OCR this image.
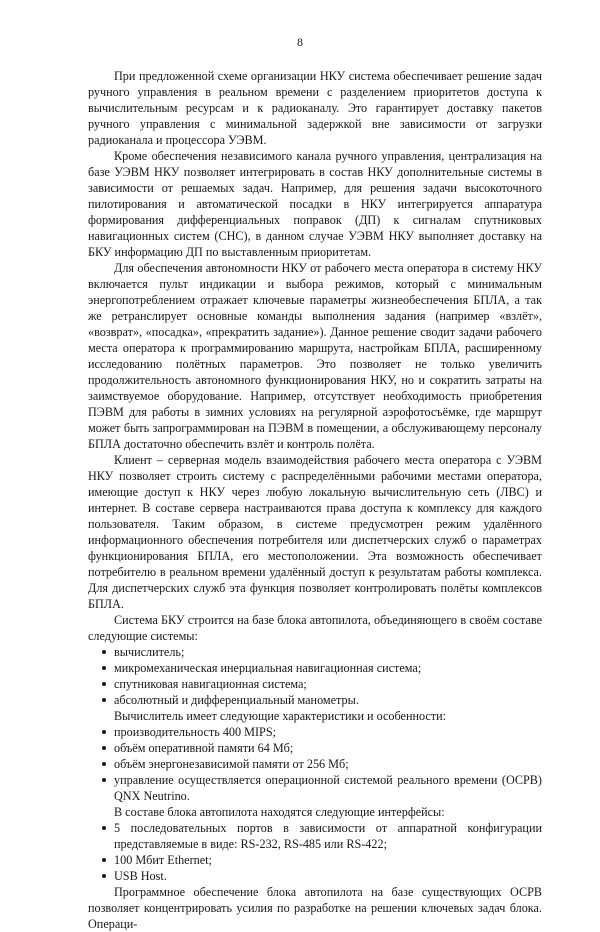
8

При предложенной схеме организации НКУ система обеспечивает решение задач ручного управления в реальном времени с разделением приоритетов доступа к вычислительным ресурсам и к радиоканалу. Это гарантирует доставку пакетов ручного управления с минимальной задержкой вне зависимости от загрузки радиоканала и процессора УЭВМ.

Кроме обеспечения независимого канала ручного управления, централизация на базе УЭВМ НКУ позволяет интегрировать в состав НКУ дополнительные системы в зависимости от решаемых задач. Например, для решения задачи высокоточного пилотирования и автоматической посадки в НКУ интегрируется аппаратура формирования дифференциальных поправок (ДП) к сигналам спутниковых навигационных систем (СНС), в данном случае УЭВМ НКУ выполняет доставку на БКУ информацию ДП по выставленным приоритетам.

Для обеспечения автономности НКУ от рабочего места оператора в систему НКУ включается пульт индикации и выбора режимов, который с минимальным энергопотреблением отражает ключевые параметры жизнеобеспечения БПЛА, а так же ретранслирует основные команды выполнения задания (например «взлёт», «возврат», «посадка», «прекратить задание»). Данное решение сводит задачи рабочего места оператора к программированию маршрута, настройкам БПЛА, расширенному исследованию полётных параметров. Это позволяет не только увеличить продолжительность автономного функционирования НКУ, но и сократить затраты на заимствуемое оборудование. Например, отсутствует необходимость приобретения ПЭВМ для работы в зимних условиях на регулярной аэрофотосъёмке, где маршрут может быть запрограммирован на ПЭВМ в помещении, а обслуживающему персоналу БПЛА достаточно обеспечить взлёт и контроль полёта.

Клиент – серверная модель взаимодействия рабочего места оператора с УЭВМ НКУ позволяет строить систему с распределёнными рабочими местами оператора, имеющие доступ к НКУ через любую локальную вычислительную сеть (ЛВС) и интернет. В составе сервера настраиваются права доступа к комплексу для каждого пользователя. Таким образом, в системе предусмотрен режим удалённого информационного обеспечения потребителя или диспетчерских служб о параметрах функционирования БПЛА, его местоположении. Эта возможность обеспечивает потребителю в реальном времени удалённый доступ к результатам работы комплекса. Для диспетчерских служб эта функция позволяет контролировать полёты комплексов БПЛА.

Система БКУ строится на базе блока автопилота, объединяющего в своём составе следующие системы:

вычислитель;
микромеханическая инерциальная навигационная система;
спутниковая навигационная система;
абсолютный и дифференциальный манометры.

Вычислитель имеет следующие характеристики и особенности:

производительность 400 MIPS;
объём оперативной памяти 64 Мб;
объём энергонезависимой памяти от 256 Мб;
управление осуществляется операционной системой реального времени (ОСРВ) QNX Neutrino.

В составе блока автопилота находятся следующие интерфейсы:

5 последовательных портов в зависимости от аппаратной конфигурации представляемые в виде: RS-232, RS-485 или RS-422;
100 Мбит Ethernet;
USB Host.

Программное обеспечение блока автопилота на базе существующих ОСРВ позволяет концентрировать усилия по разработке на решении ключевых задач блока. Операци-
